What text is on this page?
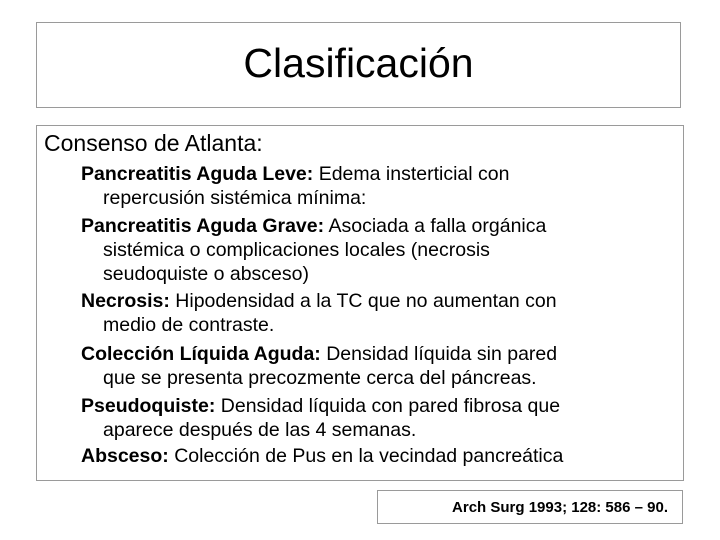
Clasificación
Consenso de Atlanta:
Pancreatitis Aguda Leve: Edema insterticial con
repercusión sistémica mínima:
Pancreatitis Aguda Grave: Asociada a falla orgánica
sistémica o complicaciones locales (necrosis
seudoquiste o absceso)
Necrosis: Hipodensidad a la TC que no aumentan con
medio de contraste.
Colección Líquida Aguda: Densidad líquida sin pared
que se presenta precozmente cerca del páncreas.
Pseudoquiste: Densidad líquida con pared fibrosa que
aparece después de las 4 semanas.
Absceso: Colección de Pus en la vecindad pancreática
Arch Surg 1993; 128: 586 – 90.
